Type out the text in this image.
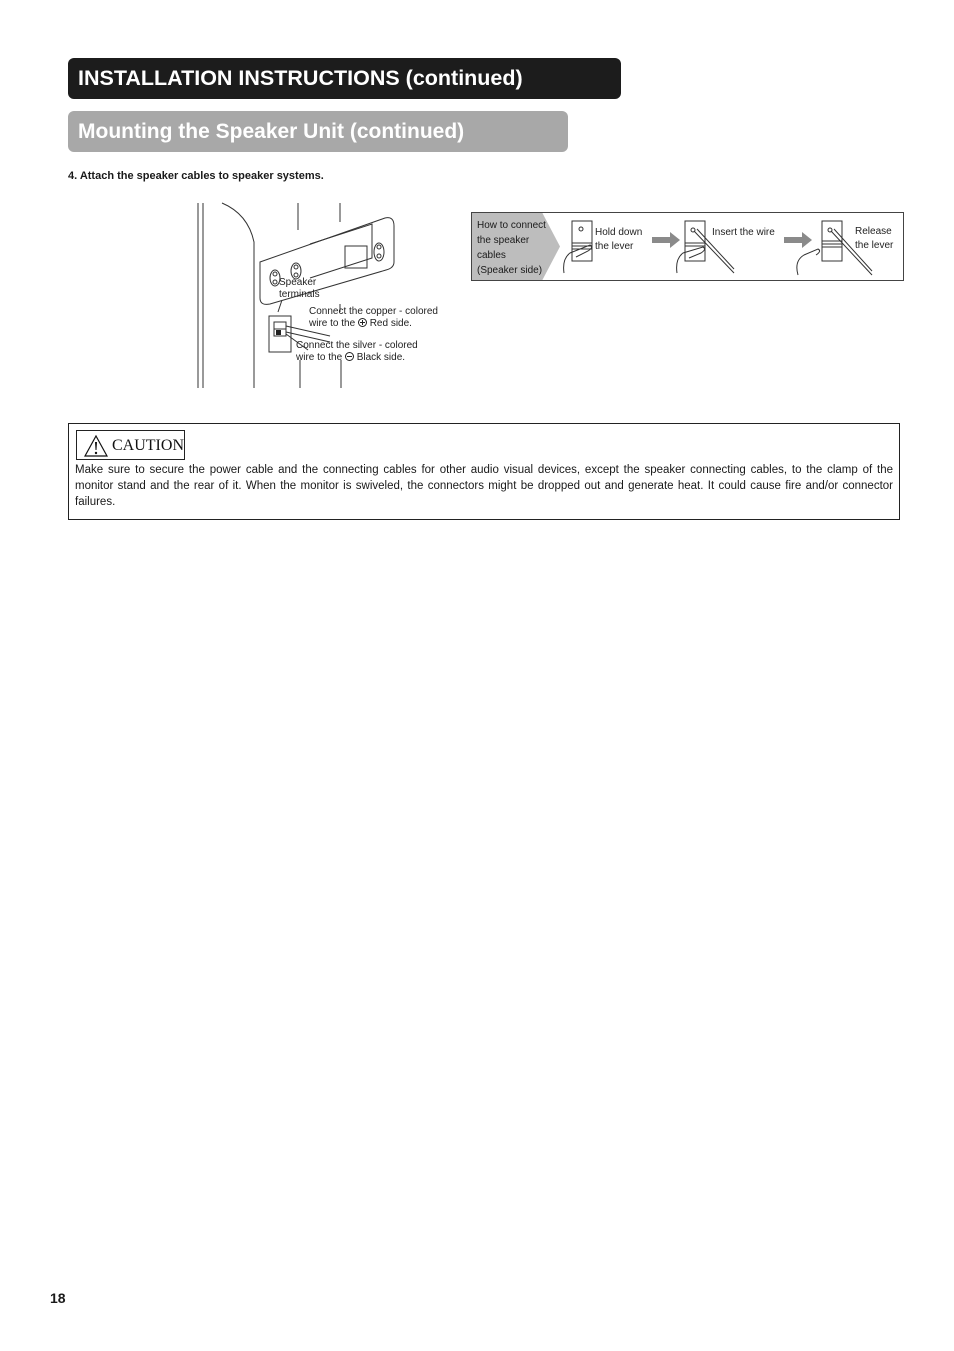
INSTALLATION INSTRUCTIONS (continued)
Mounting the Speaker Unit (continued)
4. Attach the speaker cables to speaker systems.
Speaker
terminals
Connect the copper - colored
wire to the Red side.
Connect the silver - colored
wire to the Black side.
How to connect
the speaker
cables
(Speaker side)
Hold down
the lever
Insert the wire	Release
the lever
CAUTION
Make sure to secure the power cable and the connecting cables for other audio visual devices, except the speaker connecting cables, to the clamp of the monitor stand and the rear of it. When the monitor is swiveled, the connectors might be dropped out and generate heat. It could cause fire and/or connector failures.
18
